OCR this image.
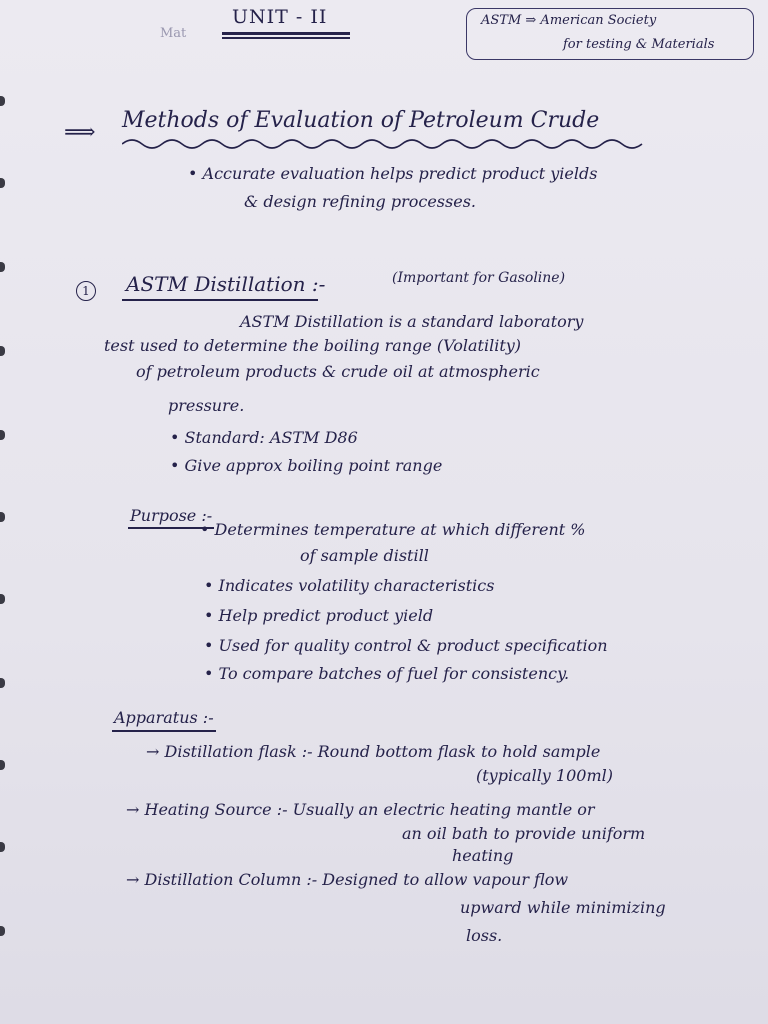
Mat
UNIT - II	ASTM ⇒ American Society
for testing & Materials
⟹ Methods of Evaluation of Petroleum Crude
• Accurate evaluation helps predict product yields
& design refining processes.
1	ASTM Distillation :-	(Important for Gasoline)
ASTM Distillation is a standard laboratory
test used to determine the boiling range (Volatility)
of petroleum products & crude oil at atmospheric
pressure.
• Standard: ASTM D86
• Give approx boiling point range
Purpose :-
• Determines temperature at which different %
of sample distill
• Indicates volatility characteristics
• Help predict product yield
• Used for quality control & product specification
• To compare batches of fuel for consistency.
Apparatus :-
→ Distillation flask :- Round bottom flask to hold sample
(typically 100ml)
→ Heating Source :- Usually an electric heating mantle or
an oil bath to provide uniform
heating
→ Distillation Column :- Designed to allow vapour flow
upward while minimizing
loss.
